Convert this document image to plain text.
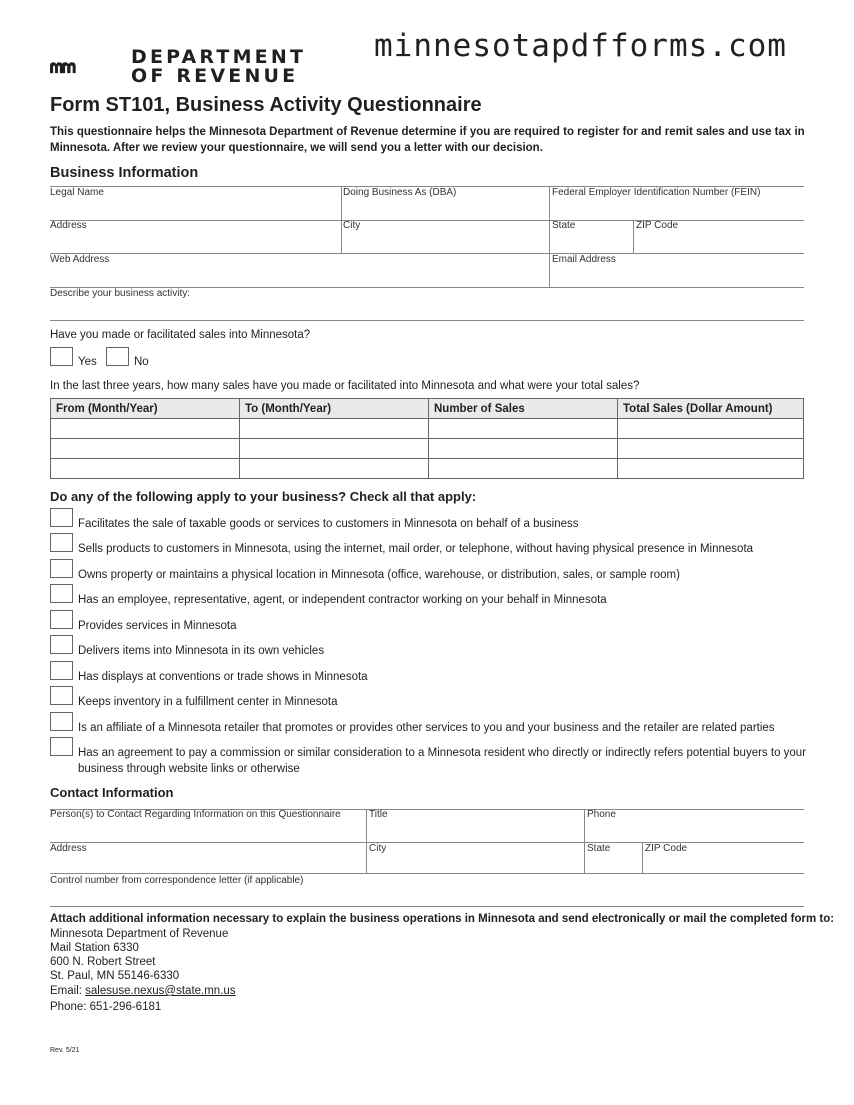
minnesotapdfforms.com
DEPARTMENT
OF REVENUE
Form ST101, Business Activity Questionnaire
This questionnaire helps the Minnesota Department of Revenue determine if you are required to register for and remit sales and use tax in Minnesota. After we review your questionnaire, we will send you a letter with our decision.
Business Information
Legal Name	Doing Business As (DBA)	Federal Employer Identification Number (FEIN)
Address	City	State	ZIP Code
Web Address	Email Address
Describe your business activity:
Have you made or facilitated sales into Minnesota?
Yes	No
In the last three years, how many sales have you made or facilitated into Minnesota and what were your total sales?
From (Month/Year)	To (Month/Year)	Number of Sales	Total Sales (Dollar Amount)

Do any of the following apply to your business? Check all that apply:
Facilitates the sale of taxable goods or services to customers in Minnesota on behalf of a business
Sells products to customers in Minnesota, using the internet, mail order, or telephone, without having physical presence in Minnesota
Owns property or maintains a physical location in Minnesota (office, warehouse, or distribution, sales, or sample room)
Has an employee, representative, agent, or independent contractor working on your behalf in Minnesota
Provides services in Minnesota
Delivers items into Minnesota in its own vehicles
Has displays at conventions or trade shows in Minnesota
Keeps inventory in a fulfillment center in Minnesota
Is an affiliate of a Minnesota retailer that promotes or provides other services to you and your business and the retailer are related parties
Has an agreement to pay a commission or similar consideration to a Minnesota resident who directly or indirectly refers potential buyers to your business through website links or otherwise
Contact Information
Person(s) to Contact Regarding Information on this Questionnaire	Title	Phone
Address	City	State	ZIP Code
Control number from correspondence letter (if applicable)
Attach additional information necessary to explain the business operations in Minnesota and send electronically or mail the completed form to:
Minnesota Department of Revenue
Mail Station 6330
600 N. Robert Street
St. Paul, MN 55146-6330
Email: salesuse.nexus@state.mn.us
Phone: 651-296-6181
Rev. 5/21
